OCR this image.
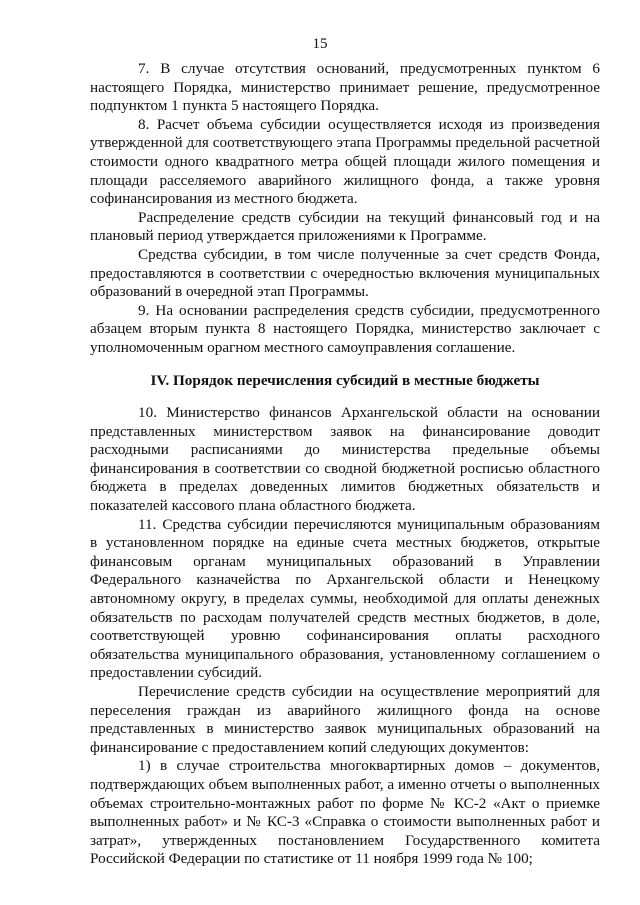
15

7. В случае отсутствия оснований, предусмотренных пунктом 6 настоящего Порядка, министерство принимает решение, предусмотренное подпунктом 1 пункта 5 настоящего Порядка.

8. Расчет объема субсидии осуществляется исходя из произведения утвержденной для соответствующего этапа Программы предельной расчетной стоимости одного квадратного метра общей площади жилого помещения и площади расселяемого аварийного жилищного фонда, а также уровня софинансирования из местного бюджета.

Распределение средств субсидии на текущий финансовый год и на плановый период утверждается приложениями к Программе.

Средства субсидии, в том числе полученные за счет средств Фонда, предоставляются в соответствии с очередностью включения муниципальных образований в очередной этап Программы.

9. На основании распределения средств субсидии, предусмотренного абзацем вторым пункта 8 настоящего Порядка, министерство заключает с уполномоченным орагном местного самоуправления соглашение.

IV. Порядок перечисления субсидий в местные бюджеты

10. Министерство финансов Архангельской области на основании представленных министерством заявок на финансирование доводит расходными расписаниями до министерства предельные объемы финансирования в соответствии со сводной бюджетной росписью областного бюджета в пределах доведенных лимитов бюджетных обязательств и показателей кассового плана областного бюджета.

11. Средства субсидии перечисляются муниципальным образованиям в установленном порядке на единые счета местных бюджетов, открытые финансовым органам муниципальных образований в Управлении Федерального казначейства по Архангельской области и Ненецкому автономному округу, в пределах суммы, необходимой для оплаты денежных обязательств по расходам получателей средств местных бюджетов, в доле, соответствующей уровню софинансирования оплаты расходного обязательства муниципального образования, установленному соглашением о предоставлении субсидий.

Перечисление средств субсидии на осуществление мероприятий для переселения граждан из аварийного жилищного фонда на основе представленных в министерство заявок муниципальных образований на финансирование с предоставлением копий следующих документов:

1) в случае строительства многоквартирных домов – документов, подтверждающих объем выполненных работ, а именно отчеты о выполненных объемах строительно-монтажных работ по форме № КС-2 «Акт о приемке выполненных работ» и № КС-3 «Справка о стоимости выполненных работ и затрат», утвержденных постановлением Государственного комитета Российской Федерации по статистике от 11 ноября 1999 года № 100;
